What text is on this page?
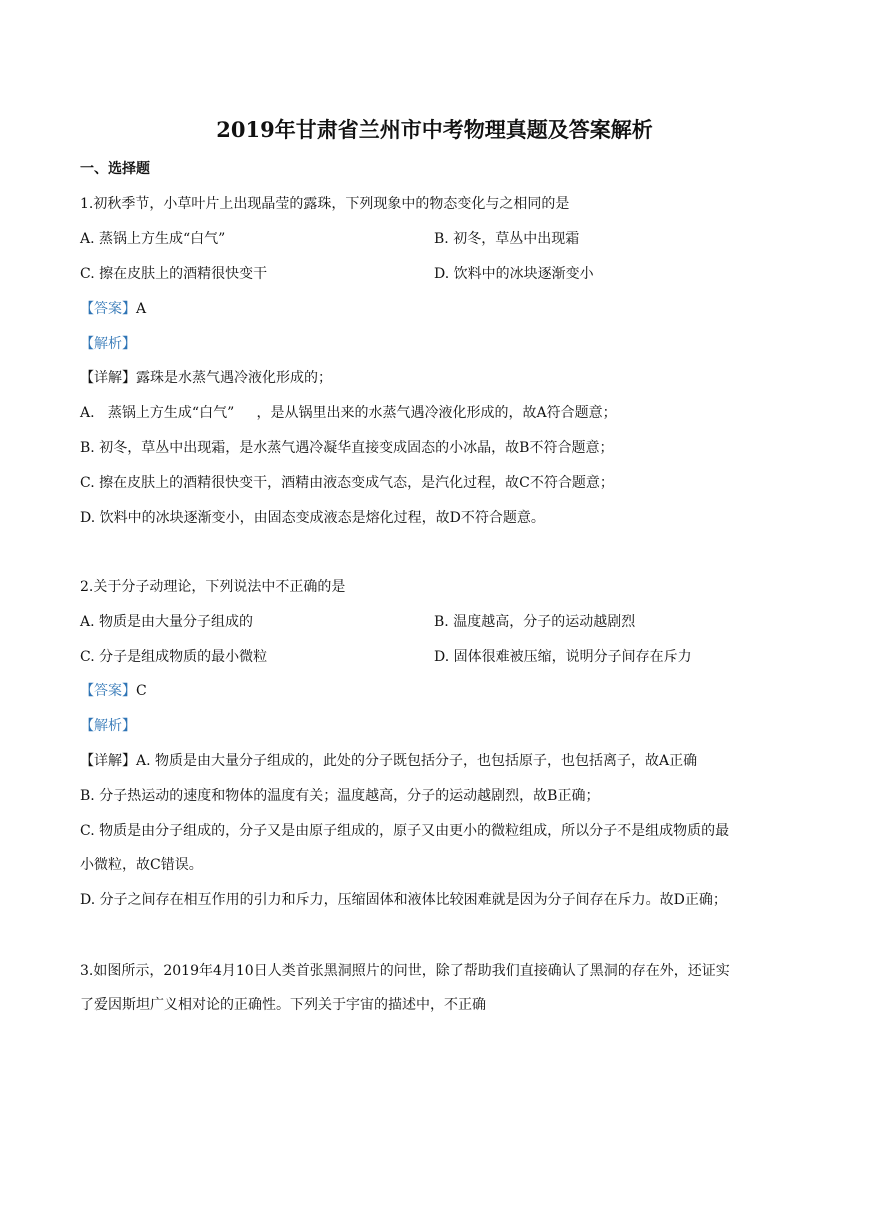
2019年甘肃省兰州市中考物理真题及答案解析
一、选择题
1.初秋季节，小草叶片上出现晶莹的露珠，下列现象中的物态变化与之相同的是
A. 蒸锅上方生成“白气”	B. 初冬，草丛中出现霜
C. 擦在皮肤上的酒精很快变干	D. 饮料中的冰块逐渐变小
【答案】A
【解析】
【详解】露珠是水蒸气遇冷液化形成的；
A.   蒸锅上方生成“白气”     ，是从锅里出来的水蒸气遇冷液化形成的，故A符合题意；
B. 初冬，草丛中出现霜，是水蒸气遇冷凝华直接变成固态的小冰晶，故B不符合题意；
C. 擦在皮肤上的酒精很快变干，酒精由液态变成气态，是汽化过程，故C不符合题意；
D. 饮料中的冰块逐渐变小，由固态变成液态是熔化过程，故D不符合题意。
2.关于分子动理论，下列说法中不正确的是
A. 物质是由大量分子组成的	B. 温度越高，分子的运动越剧烈
C. 分子是组成物质的最小微粒	D. 固体很难被压缩，说明分子间存在斥力
【答案】C
【解析】
【详解】A. 物质是由大量分子组成的，此处的分子既包括分子，也包括原子，也包括离子，故A正确
B. 分子热运动的速度和物体的温度有关；温度越高，分子的运动越剧烈，故B正确；
C. 物质是由分子组成的，分子又是由原子组成的，原子又由更小的微粒组成，所以分子不是组成物质的最
小微粒，故C错误。
D. 分子之间存在相互作用的引力和斥力，压缩固体和液体比较困难就是因为分子间存在斥力。故D正确；
3.如图所示，2019年4月10日人类首张黑洞照片的问世，除了帮助我们直接确认了黑洞的存在外，还证实
了爱因斯坦广义相对论的正确性。下列关于宇宙的描述中，不正确
